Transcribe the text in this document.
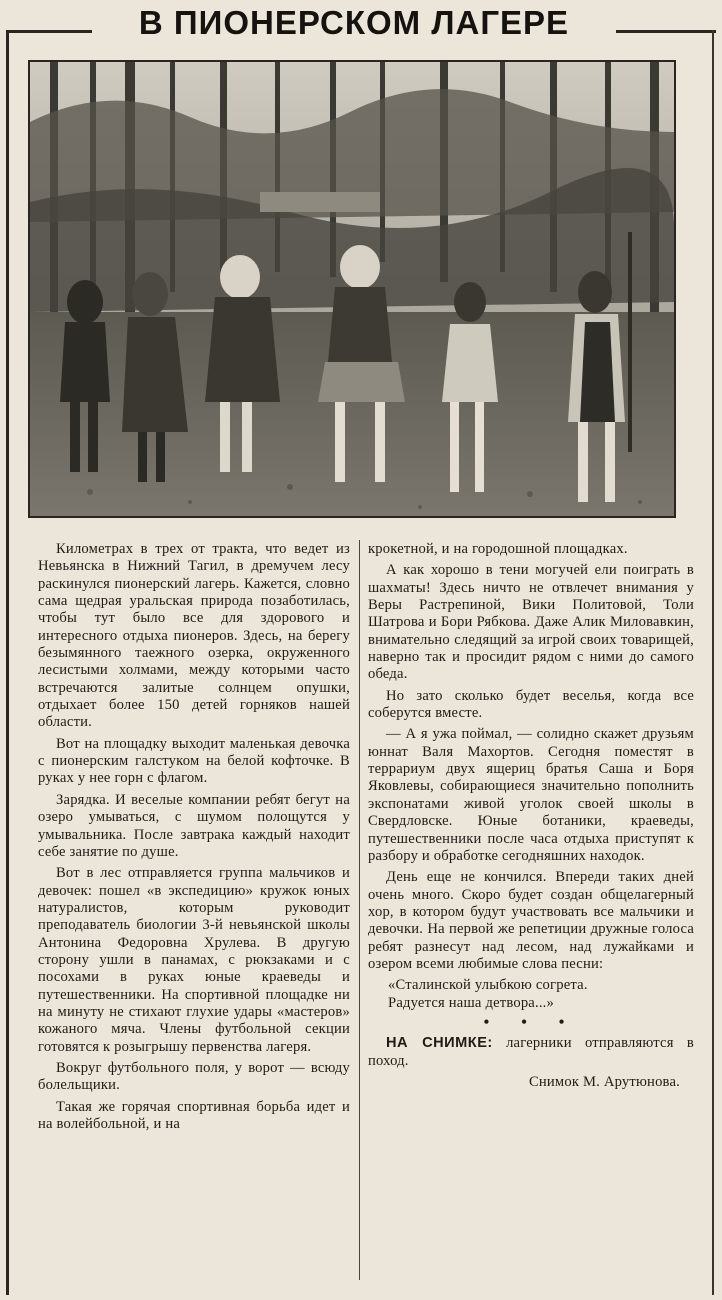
В ПИОНЕРСКОМ ЛАГЕРЕ

Километрах в трех от тракта, что ведет из Невьянска в Нижний Тагил, в дремучем лесу раскинулся пионерский лагерь. Кажется, словно сама щедрая уральская природа позаботилась, чтобы тут было все для здорового и интересного отдыха пионеров. Здесь, на берегу безымянного таежного озерка, окруженного лесистыми холмами, между которыми часто встречаются залитые солнцем опушки, отдыхает более 150 детей горняков нашей области.

Вот на площадку выходит маленькая девочка с пионерским галстуком на белой кофточке. В руках у нее горн с флагом.

Зарядка. И веселые компании ребят бегут на озеро умываться, с шумом полощутся у умывальника. После завтрака каждый находит себе занятие по душе.

Вот в лес отправляется группа мальчиков и девочек: пошел «в экспедицию» кружок юных натуралистов, которым руководит преподаватель биологии 3-й невьянской школы Антонина Федоровна Хрулева. В другую сторону ушли в панамах, с рюкзаками и с посохами в руках юные краеведы и путешественники. На спортивной площадке ни на минуту не стихают глухие удары «мастеров» кожаного мяча. Члены футбольной секции готовятся к розыгрышу первенства лагеря.

Вокруг футбольного поля, у ворот — всюду болельщики.

Такая же горячая спортивная борьба идет и на волейбольной, и на

крокетной, и на городошной площадках.

А как хорошо в тени могучей ели поиграть в шахматы! Здесь ничто не отвлечет внимания у Веры Растрепиной, Вики Политовой, Толи Шатрова и Бори Рябкова. Даже Алик Миловавкин, внимательно следящий за игрой своих товарищей, наверно так и просидит рядом с ними до самого обеда.

Но зато сколько будет веселья, когда все соберутся вместе.

— А я ужа поймал, — солидно скажет друзьям юннат Валя Махортов. Сегодня поместят в террариум двух ящериц братья Саша и Боря Яковлевы, собирающиеся значительно пополнить экспонатами живой уголок своей школы в Свердловске. Юные ботаники, краеведы, путешественники после часа отдыха приступят к разбору и обработке сегодняшних находок.

День еще не кончился. Впереди таких дней очень много. Скоро будет создан общелагерный хор, в котором будут участвовать все мальчики и девочки. На первой же репетиции дружные голоса ребят разнесут над лесом, над лужайками и озером всеми любимые слова песни:

«Сталинской улыбкою согрета.
Радуется наша детвора...»

• • •

НА СНИМКЕ: лагерники отправляются в поход.

Снимок М. Арутюнова.
